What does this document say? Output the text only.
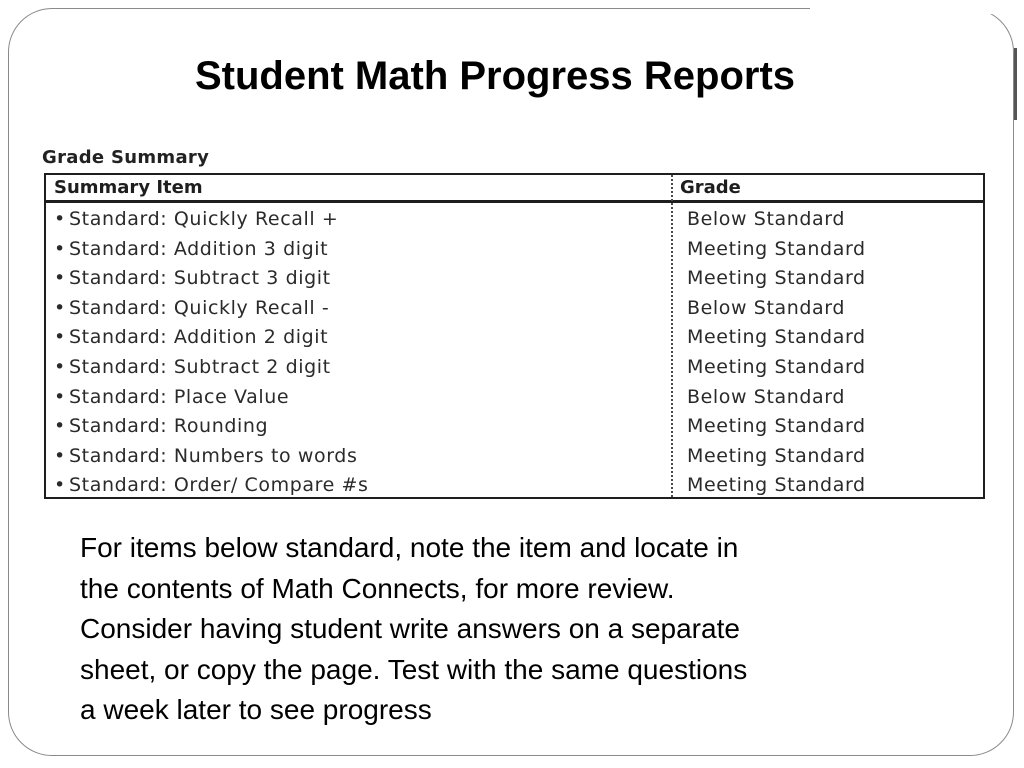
Student Math Progress Reports
Grade Summary
Summary Item	Grade
• Standard: Quickly Recall +	Below Standard
• Standard: Addition 3 digit	Meeting Standard
• Standard: Subtract 3 digit	Meeting Standard
• Standard: Quickly Recall -	Below Standard
• Standard: Addition 2 digit	Meeting Standard
• Standard: Subtract 2 digit	Meeting Standard
• Standard: Place Value	Below Standard
• Standard: Rounding	Meeting Standard
• Standard: Numbers to words	Meeting Standard
• Standard: Order/ Compare #s	Meeting Standard

For items below standard, note the item and locate in

the contents of Math Connects, for more review.

Consider having student write answers on a separate

sheet, or copy the page. Test with the same questions

a week later to see progress
